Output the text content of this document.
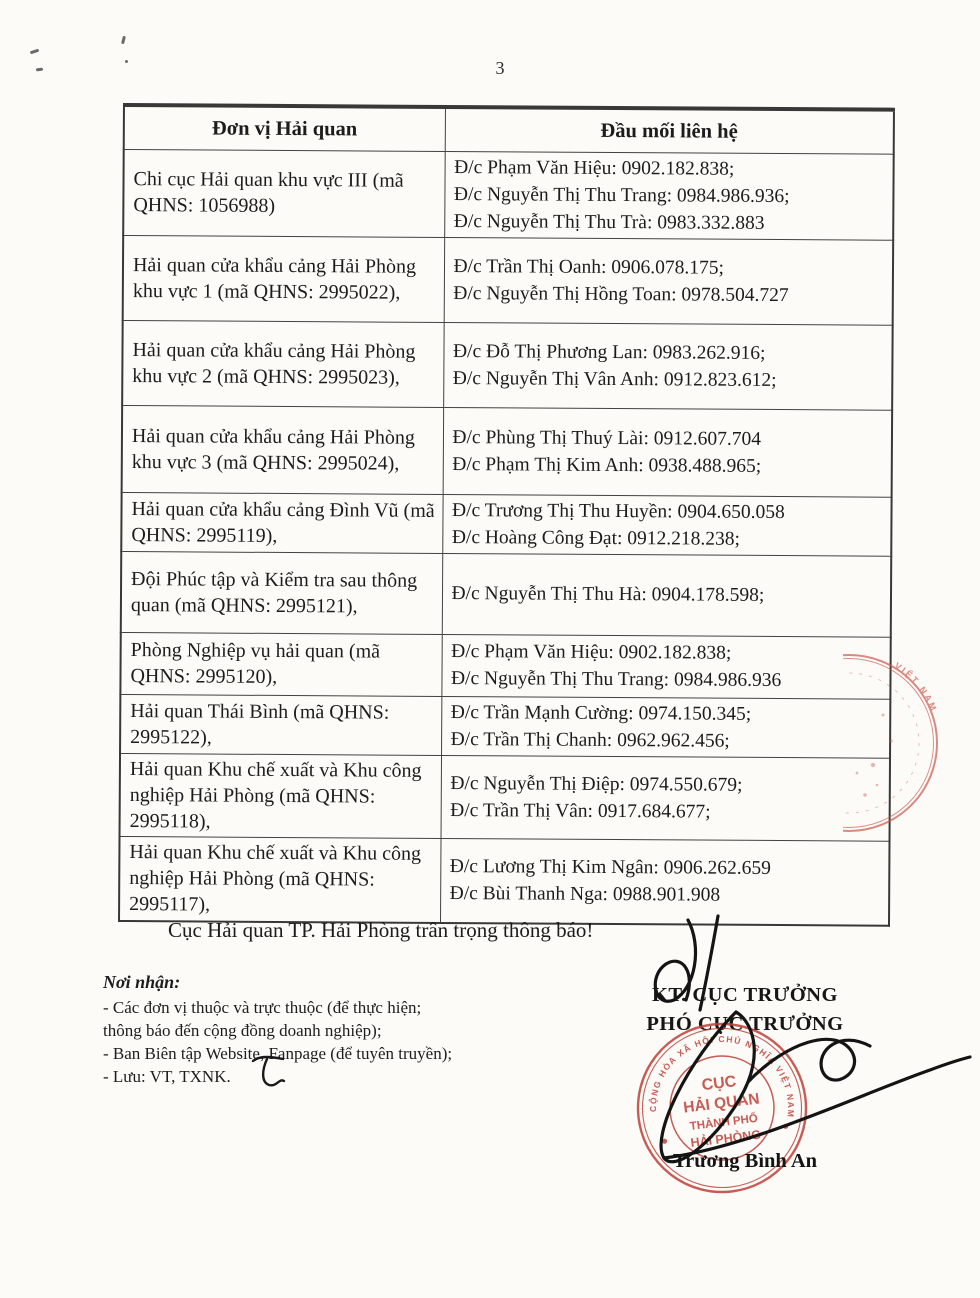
3
Đơn vị Hải quan	Đầu mối liên hệ
Chi cục Hải quan khu vực III (mã QHNS: 1056988)	Đ/c Phạm Văn Hiệu: 0902.182.838;
Đ/c Nguyễn Thị Thu Trang: 0984.986.936;
Đ/c Nguyễn Thị Thu Trà: 0983.332.883

Hải quan cửa khẩu cảng Hải Phòng khu vực 1 (mã QHNS: 2995022),	Đ/c Trần Thị Oanh: 0906.078.175;
Đ/c Nguyễn Thị Hồng Toan: 0978.504.727

Hải quan cửa khẩu cảng Hải Phòng khu vực 2 (mã QHNS: 2995023),	Đ/c Đỗ Thị Phương Lan: 0983.262.916;
Đ/c Nguyễn Thị Vân Anh: 0912.823.612;

Hải quan cửa khẩu cảng Hải Phòng khu vực 3 (mã QHNS: 2995024),	Đ/c Phùng Thị Thuý Lài: 0912.607.704
Đ/c Phạm Thị Kim Anh: 0938.488.965;

Hải quan cửa khẩu cảng Đình Vũ (mã QHNS: 2995119),	Đ/c Trương Thị Thu Huyền: 0904.650.058
Đ/c Hoàng Công Đạt: 0912.218.238;

Đội Phúc tập và Kiểm tra sau thông quan (mã QHNS: 2995121),	Đ/c Nguyễn Thị Thu Hà: 0904.178.598;

Phòng Nghiệp vụ hải quan (mã QHNS: 2995120),	Đ/c Phạm Văn Hiệu: 0902.182.838;
Đ/c Nguyễn Thị Thu Trang: 0984.986.936

Hải quan Thái Bình (mã QHNS: 2995122),	Đ/c Trần Mạnh Cường: 0974.150.345;
Đ/c Trần Thị Chanh: 0962.962.456;

Hải quan Khu chế xuất và Khu công nghiệp Hải Phòng (mã QHNS: 2995118),	Đ/c Nguyễn Thị Điệp: 0974.550.679;
Đ/c Trần Thị Vân: 0917.684.677;

Hải quan Khu chế xuất và Khu công nghiệp Hải Phòng (mã QHNS: 2995117),	Đ/c Lương Thị Kim Ngân: 0906.262.659
Đ/c Bùi Thanh Nga: 0988.901.908
Cục Hải quan TP. Hải Phòng trân trọng thông báo!
Nơi nhận:
- Các đơn vị thuộc và trực thuộc (để thực hiện;
thông báo đến cộng đồng doanh nghiệp);
- Ban Biên tập Website, Fanpage (để tuyên truyền);
- Lưu: VT, TXNK.
KT. CỤC TRƯỞNG
PHÓ CỤC TRƯỞNG
CỘNG HÒA XÃ HỘI CHỦ NGHĨA VIỆT NAM
CỤC
HẢI QUAN
THÀNH PHỐ
HẢI PHÒNG
VIỆT NAM
Trương Bình An
